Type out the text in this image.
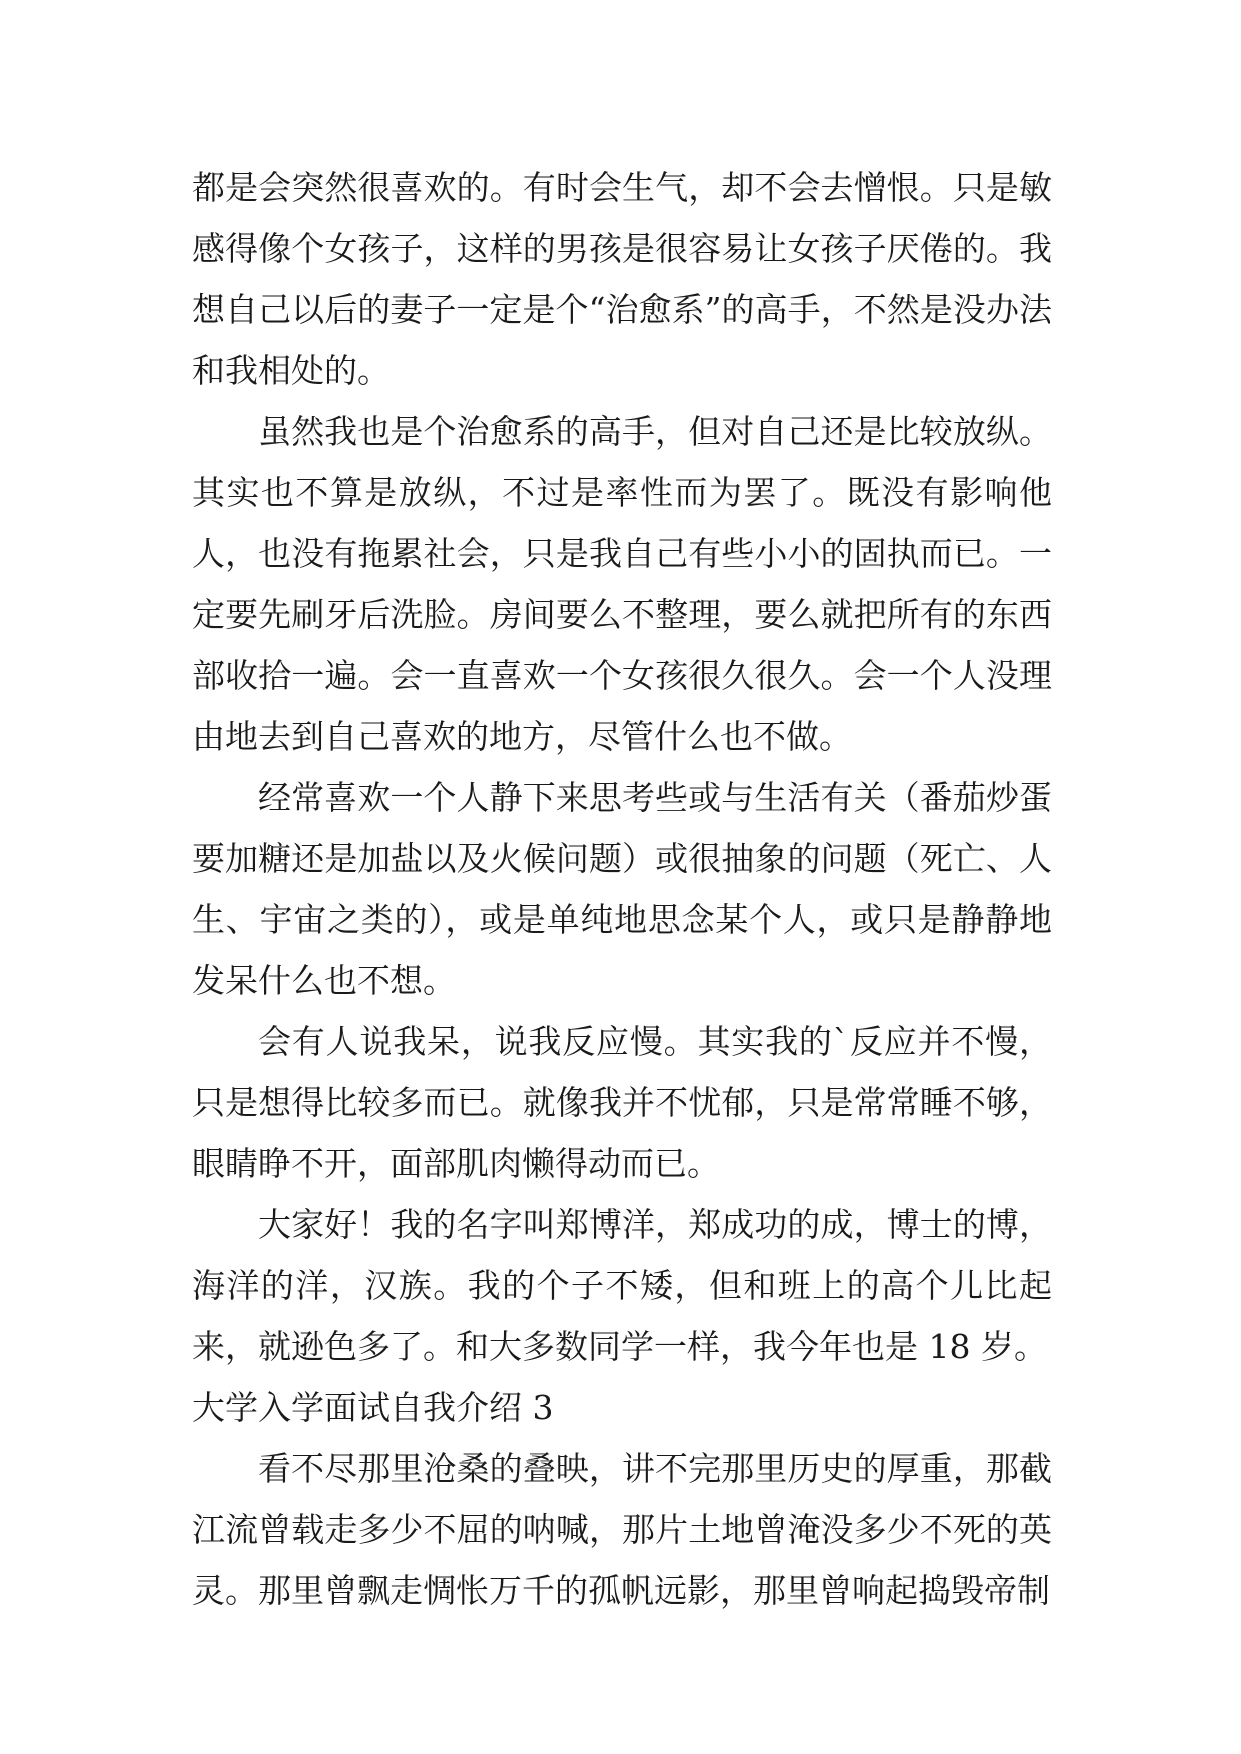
都是会突然很喜欢的。有时会生气，却不会去憎恨。只是敏感得像个女孩子，这样的男孩是很容易让女孩子厌倦的。我想自己以后的妻子一定是个“治愈系”的高手，不然是没办法和我相处的。

虽然我也是个治愈系的高手，但对自己还是比较放纵。其实也不算是放纵，不过是率性而为罢了。既没有影响他人，也没有拖累社会，只是我自己有些小小的固执而已。一定要先刷牙后洗脸。房间要么不整理，要么就把所有的东西部收拾一遍。会一直喜欢一个女孩很久很久。会一个人没理由地去到自己喜欢的地方，尽管什么也不做。

经常喜欢一个人静下来思考些或与生活有关（番茄炒蛋要加糖还是加盐以及火候问题）或很抽象的问题（死亡、人生、宇宙之类的），或是单纯地思念某个人，或只是静静地发呆什么也不想。

会有人说我呆，说我反应慢。其实我的`反应并不慢，只是想得比较多而已。就像我并不忧郁，只是常常睡不够，眼睛睁不开，面部肌肉懒得动而已。

大家好！我的名字叫郑博洋，郑成功的成，博士的博，海洋的洋，汉族。我的个子不矮，但和班上的高个儿比起来，就逊色多了。和大多数同学一样，我今年也是 18 岁。

大学入学面试自我介绍 3

看不尽那里沧桑的叠映，讲不完那里历史的厚重，那截江流曾载走多少不屈的呐喊，那片土地曾淹没多少不死的英灵。那里曾飘走惆怅万千的孤帆远影，那里曾响起捣毁帝制
